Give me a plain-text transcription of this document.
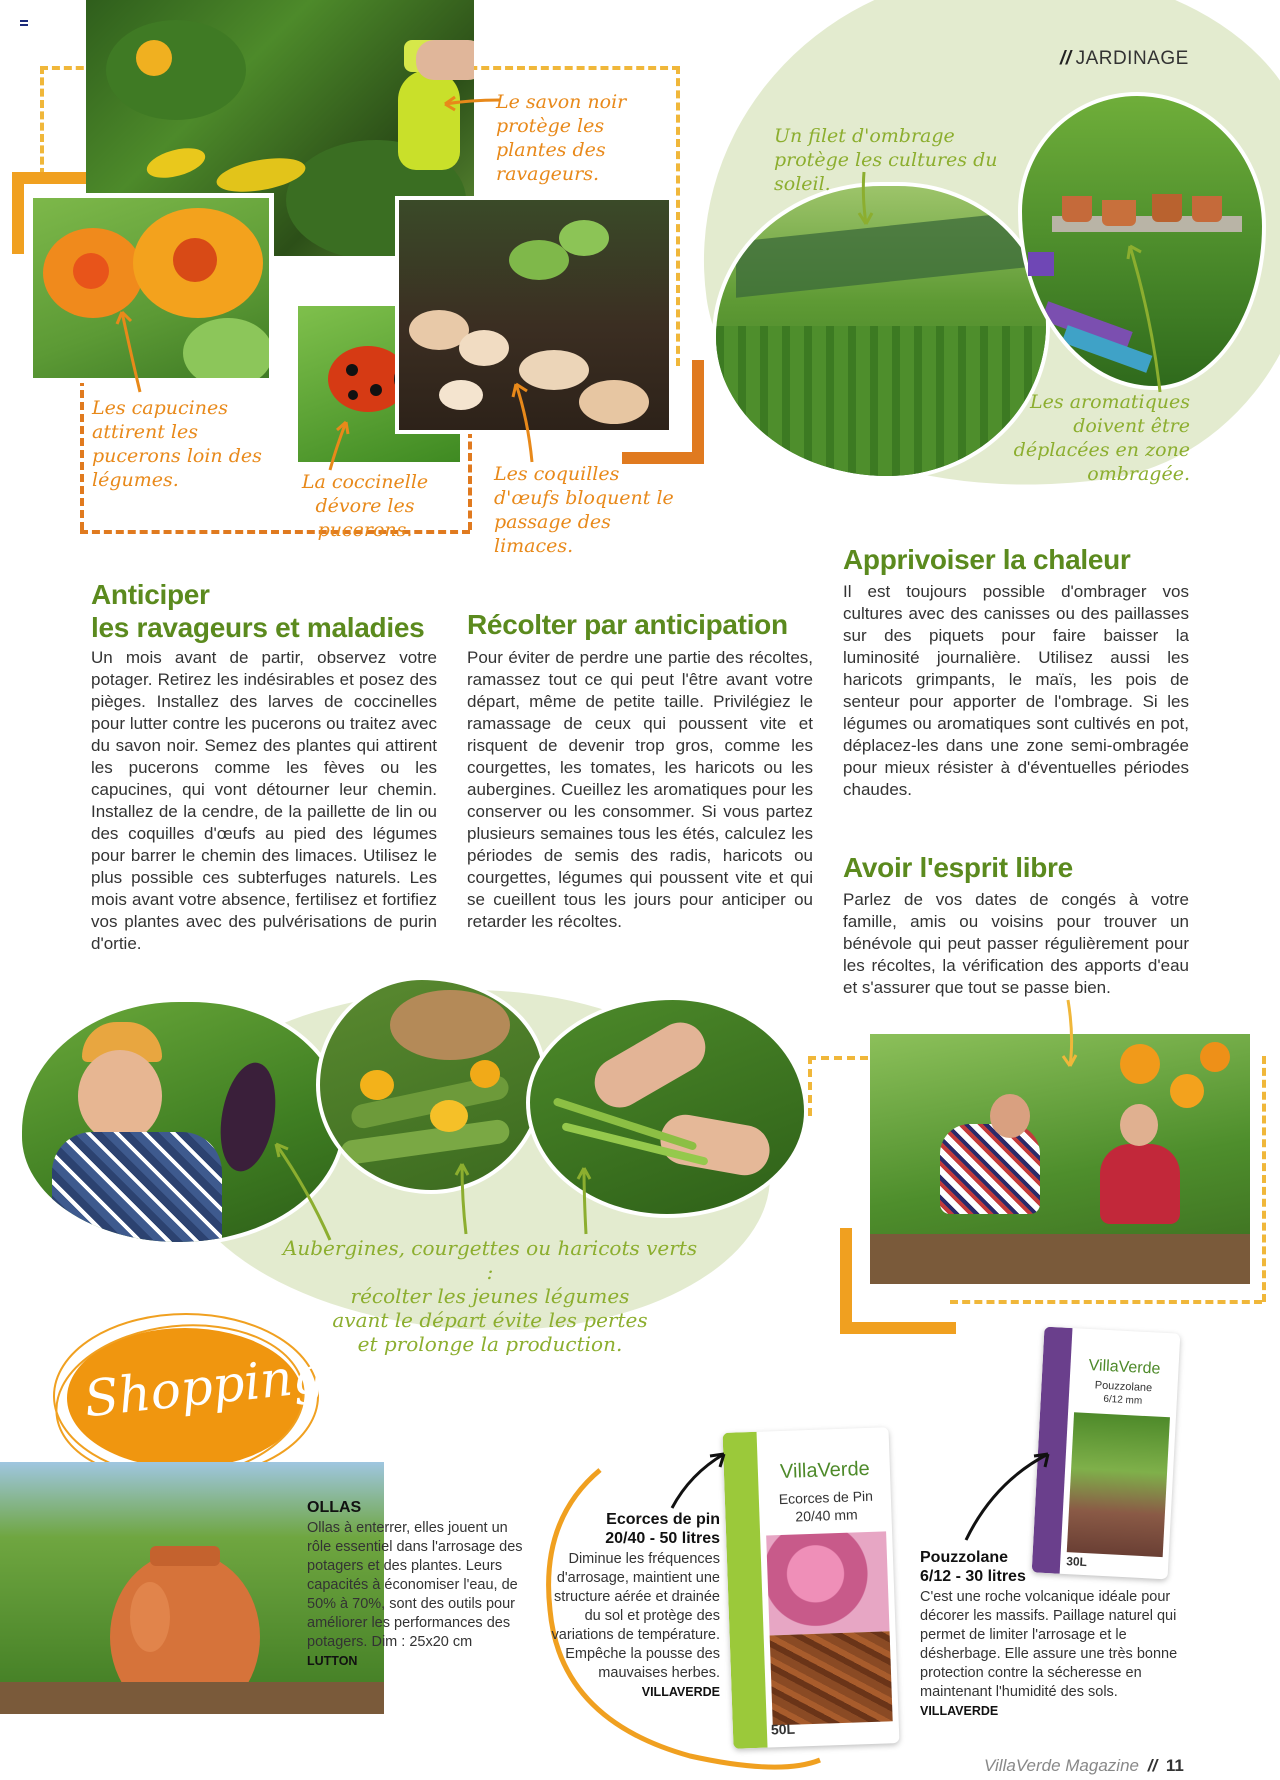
// JARDINAGE
Le savon noir protège les plantes des ravageurs.
Les capucines attirent les pucerons loin des légumes.	La coccinelle dévore les pucerons.
Les coquilles d'œufs bloquent le passage des limaces.
Un filet d'ombrage protège les cultures du soleil.
Les aromatiques doivent être déplacées en zone ombragée.
Anticiper
les ravageurs et maladies

Un mois avant de partir, observez votre potager. Retirez les indésirables et posez des pièges. Installez des larves de coccinelles pour lutter contre les pucerons ou traitez avec du savon noir. Semez des plantes qui attirent les pucerons comme les fèves ou les capucines, qui vont détourner leur chemin. Installez de la cendre, de la paillette de lin ou des coquilles d'œufs au pied des légumes pour barrer le chemin des limaces. Utilisez le plus possible ces subterfuges naturels. Les mois avant votre absence, fertilisez et fortifiez vos plantes avec des pulvérisations de purin d'ortie.

Récolter par anticipation

Pour éviter de perdre une partie des récoltes, ramassez tout ce qui peut l'être avant votre départ, même de petite taille. Privilégiez le ramassage de ceux qui poussent vite et risquent de devenir trop gros, comme les courgettes, les tomates, les haricots ou les aubergines. Cueillez les aromatiques pour les conserver ou les consommer. Si vous partez plusieurs semaines tous les étés, calculez les périodes de semis des radis, haricots ou courgettes, légumes qui poussent vite et qui se cueillent tous les jours pour anticiper ou retarder les récoltes.

Apprivoiser la chaleur

Il est toujours possible d'ombrager vos cultures avec des canisses ou des paillasses sur des piquets pour faire baisser la luminosité journalière. Utilisez aussi les haricots grimpants, le maïs, les pois de senteur pour apporter de l'ombrage. Si les légumes ou aromatiques sont cultivés en pot, déplacez-les dans une zone semi-ombragée pour mieux résister à d'éventuelles périodes chaudes.

Avoir l'esprit libre

Parlez de vos dates de congés à votre famille, amis ou voisins pour trouver un bénévole qui peut passer régulièrement pour les récoltes, la vérification des apports d'eau et s'assurer que tout se passe bien.

Aubergines, courgettes ou haricots verts :
récolter les jeunes légumes
avant le départ évite les pertes
et prolonge la production.
Shopping
OLLAS
Ollas à enterrer, elles jouent un rôle essentiel dans l'arrosage des potagers et des plantes. Leurs capacités à économiser l'eau, de 50% à 70%, sont des outils pour améliorer les performances des potagers. Dim : 25x20 cm
LUTTON
Ecorces de pin
20/40 - 50 litres
Diminue les fréquences d'arrosage, maintient une structure aérée et drainée du sol et protège des variations de température. Empêche la pousse des mauvaises herbes.
VILLAVERDE
VillaVerde
Ecorces de Pin
20/40 mm
50L
VillaVerde
Pouzzolane
6/12 mm
30L
Pouzzolane
6/12 - 30 litres
C'est une roche volcanique idéale pour décorer les massifs. Paillage naturel qui permet de limiter l'arrosage et le désherbage. Elle assure une très bonne protection contre la sécheresse en maintenant l'humidité des sols.
VILLAVERDE
VillaVerde Magazine // 11
